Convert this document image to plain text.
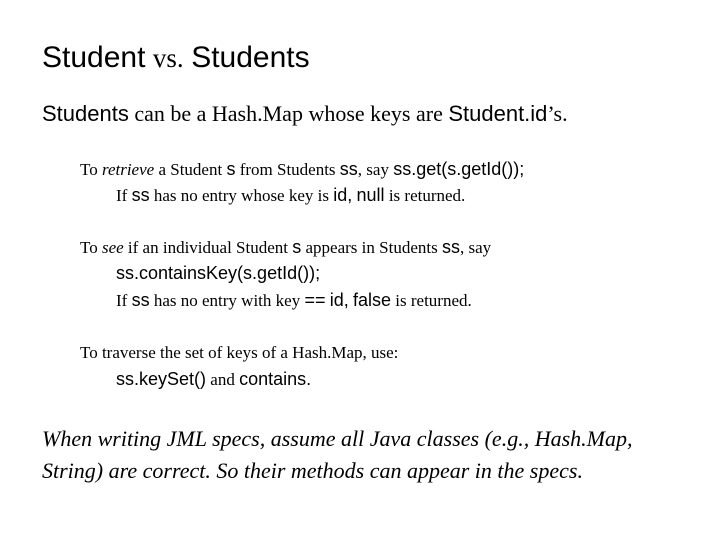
Student vs. Students
Students can be a Hash.Map whose keys are Student.id’s.
To retrieve a Student s from Students ss, say ss.get(s.getId());
If ss has no entry whose key is id, null is returned.
To see if an individual Student s appears in Students ss, say
ss.containsKey(s.getId());
If ss has no entry with key == id, false is returned.
To traverse the set of keys of a Hash.Map, use:
ss.keySet() and contains.
When writing JML specs, assume all Java classes (e.g., Hash.Map,
String) are correct. So their methods can appear in the specs.
